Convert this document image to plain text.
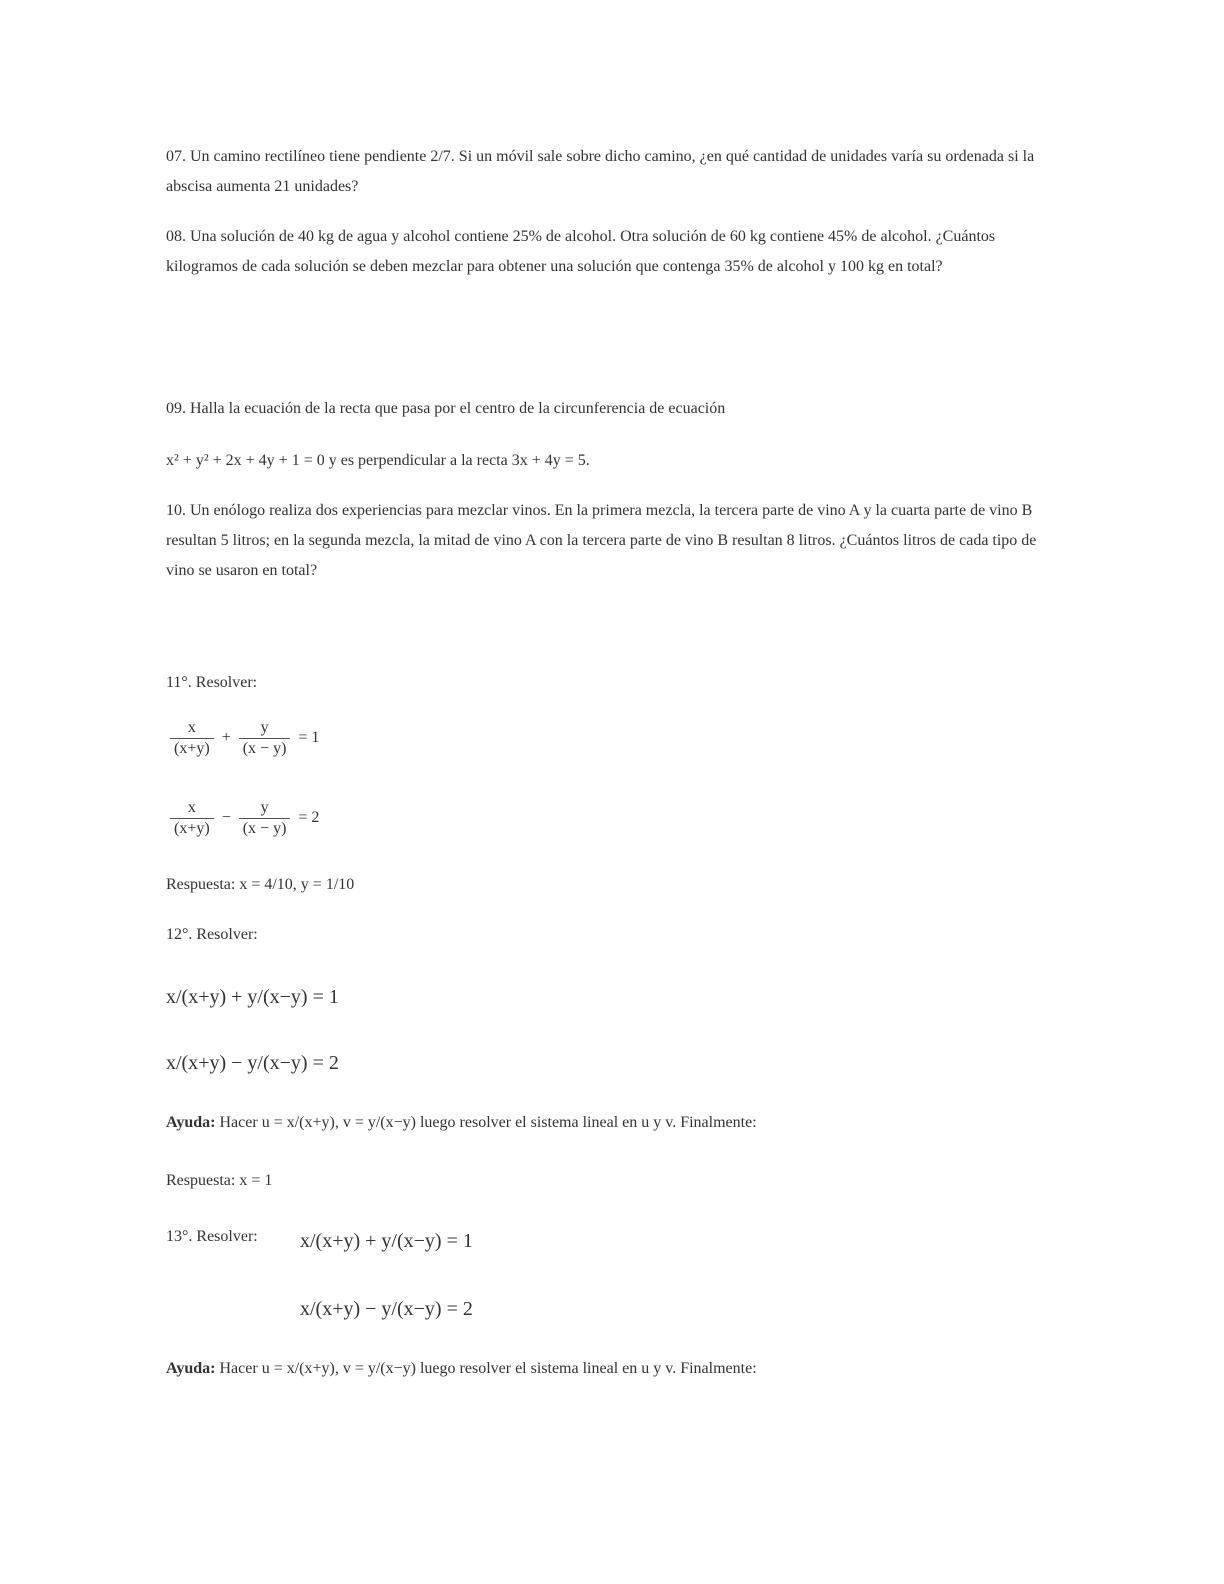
07. Un camino rectilíneo tiene pendiente 2/7. Si un móvil sale sobre dicho camino, ¿en qué cantidad de unidades varía su ordenada si la abscisa aumenta 21 unidades?

08. Una solución de 40 kg de agua y alcohol contiene 25% de alcohol. Otra solución de 60 kg contiene 45% de alcohol. ¿Cuántos kilogramos de cada solución se deben mezclar para obtener una solución que contenga 35% de alcohol y 100 kg en total?

09. Halla la ecuación de la recta que pasa por el centro de la circunferencia de ecuación

x² + y² + 2x + 4y + 1 = 0 y es perpendicular a la recta 3x + 4y = 5.

10. Un enólogo realiza dos experiencias para mezclar vinos. En la primera mezcla, la tercera parte de vino A y la cuarta parte de vino B resultan 5 litros; en la segunda mezcla, la mitad de vino A con la tercera parte de vino B resultan 8 litros. ¿Cuántos litros de cada tipo de vino se usaron en total?

11°. Resolver:
$\frac{x}{(x+y)} + \frac{y}{(x - y)} = 1$
$\frac{x}{(x+y)} - \frac{y}{(x - y)} = 2$
Respuesta: x = 4/10, y = 1/10
12°. Resolver:
x/(x+y) + y/(x−y) = 1
x/(x+y) − y/(x−y) = 2
Ayuda: Hacer u = x/(x+y), v = y/(x−y) luego resolver el sistema lineal en u y v. Finalmente:
Respuesta: x = 1
13°. Resolver:	x/(x+y) + y/(x−y) = 1
x/(x+y) − y/(x−y) = 2
Ayuda: Hacer u = x/(x+y), v = y/(x−y) luego resolver el sistema lineal en u y v. Finalmente:
